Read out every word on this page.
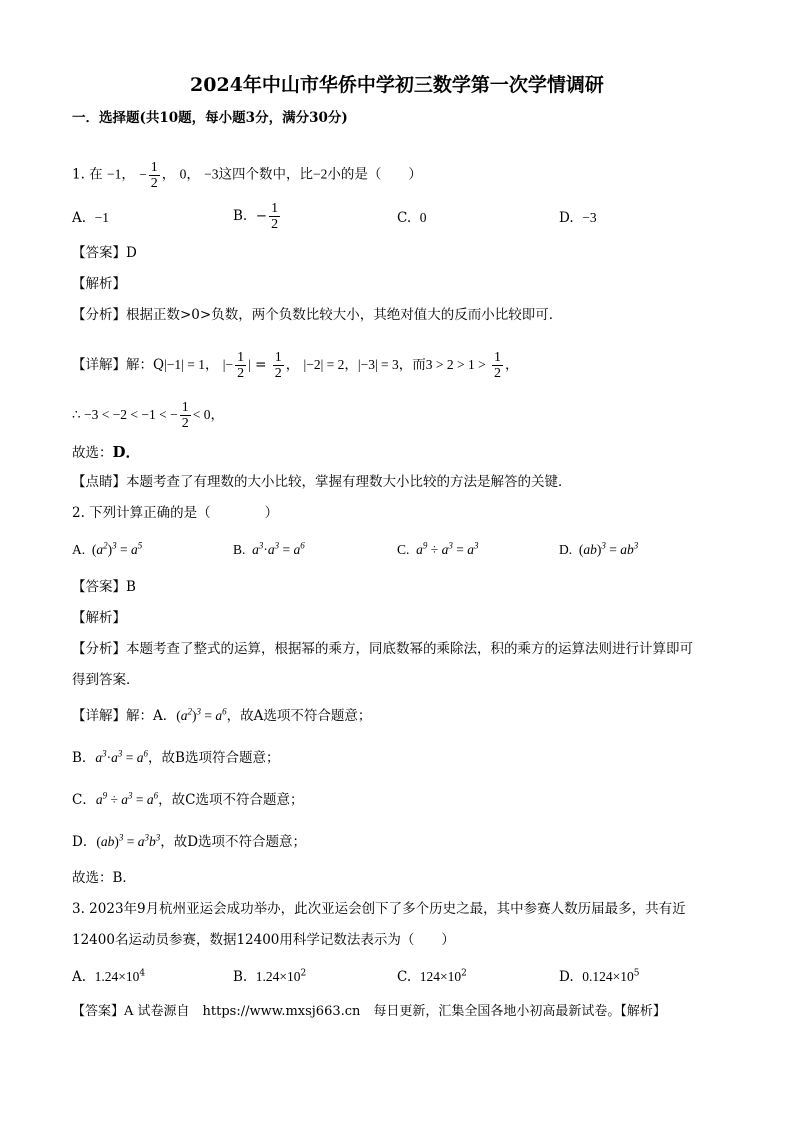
2024年中山市华侨中学初三数学第一次学情调研
一．选择题(共10题，每小题3分，满分30分)
1. 在 −1， − $\frac{1}{2}$ ， 0， −3这四个数中，比−2小的是（　　）
A. −1	B.  − $\frac{1}{2}$	C. 0	D. −3
【答案】D
【解析】
【分析】根据正数>0>负数，两个负数比较大小，其绝对值大的反而小比较即可．
【详解】解：Q|−1| = 1， |− $\frac{1}{2}$ | = $\frac{1}{2}$ ， |−2| = 2，|−3| = 3，而$3 > 2 > 1 > \frac{1}{2}$ ，
∴ −3 < −2 < −1 < − $\frac{1}{2} < 0$，
故选：D．
【点睛】本题考查了有理数的大小比较，掌握有理数大小比较的方法是解答的关键．
2. 下列计算正确的是（　　　　）
A. $(a^2)^3 = a^5$	B.  $a^3\cdot a^3 = a^6$	C.  $a^9 \div a^3 = a^3$	D. $(ab)^3 = ab^3$
【答案】B
【解析】
【分析】本题考查了整式的运算，根据幂的乘方，同底数幂的乘除法，积的乘方的运算法则进行计算即可
得到答案．
【详解】解：A．$(a^2)^3 = a^6$，故A选项不符合题意；
B．$a^3\cdot a^3 = a^6$，故B选项符合题意；
C．$a^9 \div a^3 = a^6$，故C选项不符合题意；
D．$(ab)^3 = a^3b^3$，故D选项不符合题意；
故选：B．
3. 2023年9月杭州亚运会成功举办，此次亚运会创下了多个历史之最，其中参赛人数历届最多，共有近
12400名运动员参赛，数据12400用科学记数法表示为（　　）
A.  $1.24\times 10^4$	B.  $1.24\times 10^2$	C.  $124\times 10^2$	D.  $0.124\times 10^5$
【答案】A 试卷源自　https://www.mxsj663.cn　每日更新，汇集全国各地小初高最新试卷。【解析】
